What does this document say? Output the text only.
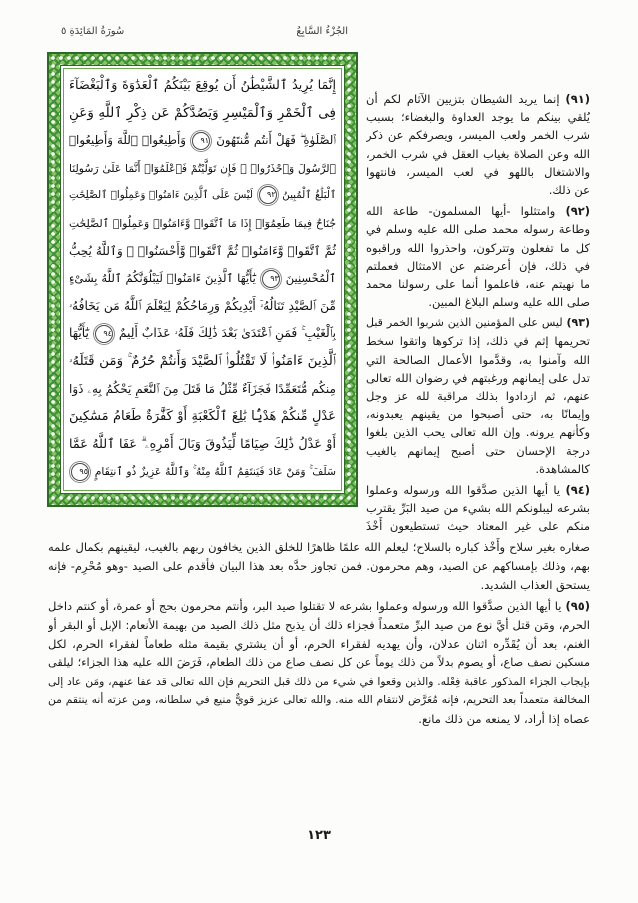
الجُزْءُ السَّابِعُ
سُورَةُ المَائِدَةِ ٥
إِنَّمَا يُرِيدُ ٱلشَّيْطَٰنُ أَن يُوقِعَ بَيْنَكُمُ ٱلْعَدَٰوَةَ وَٱلْبَغْضَآءَ
فِى ٱلْخَمْرِ وَٱلْمَيْسِرِ وَيَصُدَّكُمْ عَن ذِكْرِ ٱللَّهِ وَعَنِ
ٱلصَّلَوٰةِ ۖ فَهَلْ أَنتُم مُّنتَهُونَ ٩١ وَأَطِيعُوا۟ ٱللَّهَ وَأَطِيعُوا۟
ٱلرَّسُولَ وَٱحْذَرُوا۟ ۚ فَإِن تَوَلَّيْتُمْ فَٱعْلَمُوٓا۟ أَنَّمَا عَلَىٰ رَسُولِنَا
ٱلْبَلَٰغُ ٱلْمُبِينُ ٩٢ لَيْسَ عَلَى ٱلَّذِينَ ءَامَنُوا۟ وَعَمِلُوا۟ ٱلصَّٰلِحَٰتِ
جُنَاحٌ فِيمَا طَعِمُوٓا۟ إِذَا مَا ٱتَّقَوا۟ وَّءَامَنُوا۟ وَعَمِلُوا۟ ٱلصَّٰلِحَٰتِ
ثُمَّ ٱتَّقَوا۟ وَّءَامَنُوا۟ ثُمَّ ٱتَّقَوا۟ وَّأَحْسَنُوا۟ ۗ وَٱللَّهُ يُحِبُّ
ٱلْمُحْسِنِينَ ٩٣ يَٰٓأَيُّهَا ٱلَّذِينَ ءَامَنُوا۟ لَيَبْلُوَنَّكُمُ ٱللَّهُ بِشَىْءٍ
مِّنَ ٱلصَّيْدِ تَنَالُهُۥٓ أَيْدِيكُمْ وَرِمَاحُكُمْ لِيَعْلَمَ ٱللَّهُ مَن يَخَافُهُۥ
بِٱلْغَيْبِ ۚ فَمَنِ ٱعْتَدَىٰ بَعْدَ ذَٰلِكَ فَلَهُۥ عَذَابٌ أَلِيمٌ ٩٤ يَٰٓأَيُّهَا
ٱلَّذِينَ ءَامَنُوا۟ لَا تَقْتُلُوا۟ ٱلصَّيْدَ وَأَنتُمْ حُرُمٌ ۚ وَمَن قَتَلَهُۥ
مِنكُم مُّتَعَمِّدًا فَجَزَآءٌ مِّثْلُ مَا قَتَلَ مِنَ ٱلنَّعَمِ يَحْكُمُ بِهِۦ ذَوَا
عَدْلٍ مِّنكُمْ هَدْيًۢا بَٰلِغَ ٱلْكَعْبَةِ أَوْ كَفَّٰرَةٌ طَعَامُ مَسَٰكِينَ
أَوْ عَدْلُ ذَٰلِكَ صِيَامًا لِّيَذُوقَ وَبَالَ أَمْرِهِۦ ۗ عَفَا ٱللَّهُ عَمَّا
سَلَفَ ۚ وَمَنْ عَادَ فَيَنتَقِمُ ٱللَّهُ مِنْهُ ۚ وَٱللَّهُ عَزِيزٌ ذُو ٱنتِقَامٍ ٩٥
(٩١) إنما يريد الشيطان بتزيين الآثام لكم أن
يُلقي بينكم ما يوجد العداوة والبغضاء؛ بسبب
شرب الخمر ولعب الميسر، ويصرفكم عن ذكر
الله وعن الصلاة بغياب العقل في شرب الخمر،
والاشتغال باللهو في لعب الميسر، فانتهوا
عن ذلك.
(٩٢) وامتثلوا -أيها المسلمون- طاعة الله
وطاعة رسوله محمد صلى الله عليه وسلم في
كل ما تفعلون وتتركون، واحذروا الله وراقبوه
في ذلك، فإن أعرضتم عن الامتثال فعملتم
ما نهيتم عنه، فاعلموا أنما على رسولنا محمد
صلى الله عليه وسلم البلاغ المبين.
(٩٣) ليس على المؤمنين الذين شربوا الخمر قبل
تحريمها إثم في ذلك، إذا تركوها واتقوا سخط
الله وآمنوا به، وقدَّموا الأعمال الصالحة التي
تدل على إيمانهم ورغبتهم في رضوان الله تعالى
عنهم، ثم ازدادوا بذلك مراقبة لله عز وجل
وإيمانًا به، حتى أصبحوا من يقينهم يعبدونه،
وكأنهم يرونه. وإن الله تعالى يحب الذين بلغوا
درجة الإحسان حتى أصبح إيمانهم بالغيب
كالمشاهدة.
(٩٤) يا أيها الذين صدَّقوا الله ورسوله وعملوا
بشرعه ليبلونكم الله بشيء من صيد البَرِّ يقترب
منكم على غير المعتاد حيث تستطيعون أَخْذَ
صغاره بغير سلاح وأَخْذ كباره بالسلاح؛ ليعلم الله علمًا ظاهرًا للخلق الذين يخافون ربهم بالغيب، ليقينهم بكمال علمه
بهم، وذلك بإمساكهم عن الصيد، وهم محرمون. فمن تجاوز حدَّه بعد هذا البيان فأقدم على الصيد -وهو مُحْرِم- فإنه
يستحق العذاب الشديد.
(٩٥) يا أيها الذين صدَّقوا الله ورسوله وعملوا بشرعه لا تقتلوا صيد البر، وأنتم محرمون بحج أو عمرة، أو كنتم داخل
الحرم، ومَن قتل أيَّ نوع من صيد البرِّ متعمداً فجزاء ذلك أن يذبح مثل ذلك الصيد من بهيمة الأنعام: الإبل أو البقر أو
الغنم، بعد أن يُقَدِّره اثنان عدلان، وأن يهديه لفقراء الحرم، أو أن يشتري بقيمة مثله طعاماً لفقراء الحرم، لكل
مسكين نصف صاع، أو يصوم بدلاً من ذلك يوماً عن كل نصف صاع من ذلك الطعام، فَرَضَ الله عليه هذا الجزاء؛ ليلقى
بإيجاب الجزاء المذكور عاقبة فِعْله. والذين وقعوا في شيء من ذلك قبل التحريم فإن الله تعالى قد عفا عنهم، ومَن عاد إلى
المخالفة متعمداً بعد التحريم، فإنه مُعَرَّض لانتقام الله منه. والله تعالى عزيز قويٌّ منيع في سلطانه، ومن عزته أنه ينتقم من
عصاه إذا أراد، لا يمنعه من ذلك مانع.
١٢٣
